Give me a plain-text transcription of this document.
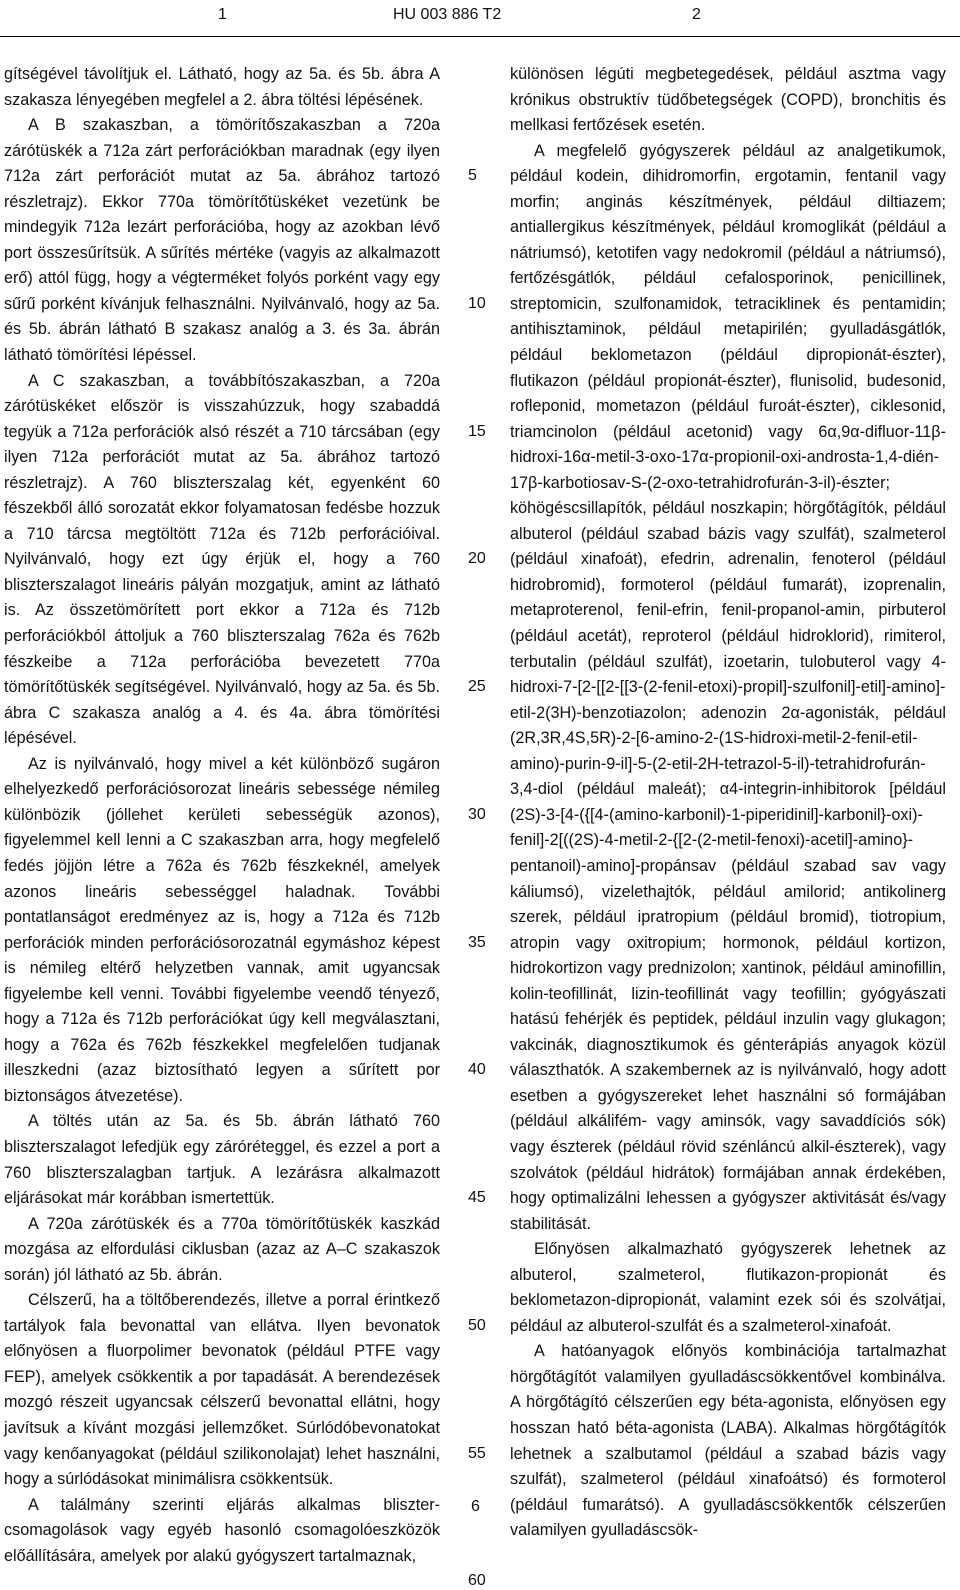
1	HU 003 886 T2	2

gítségével távolítjuk el. Látható, hogy az 5a. és 5b. ábra A szakasza lényegében megfelel a 2. ábra töltési lépésének.

A B szakaszban, a tömörítőszakaszban a 720a zárótüskék a 712a zárt perforációkban maradnak (egy ilyen 712a zárt perforációt mutat az 5a. ábrához tartozó részletrajz). Ekkor 770a tömörítőtüskéket vezetünk be mindegyik 712a lezárt perforációba, hogy az azokban lévő port összesűrítsük. A sűrítés mértéke (vagyis az alkalmazott erő) attól függ, hogy a végterméket folyós porként vagy egy sűrű porként kívánjuk felhasználni. Nyilvánvaló, hogy az 5a. és 5b. ábrán látható B szakasz analóg a 3. és 3a. ábrán látható tömörítési lépéssel.

A C szakaszban, a továbbítószakaszban, a 720a zárótüskéket először is visszahúzzuk, hogy szabaddá tegyük a 712a perforációk alsó részét a 710 tárcsában (egy ilyen 712a perforációt mutat az 5a. ábrához tartozó részletrajz). A 760 bliszterszalag két, egyenként 60 fészekből álló sorozatát ekkor folyamatosan fedésbe hozzuk a 710 tárcsa megtöltött 712a és 712b perforációival. Nyilvánvaló, hogy ezt úgy érjük el, hogy a 760 bliszterszalagot lineáris pályán mozgatjuk, amint az látható is. Az összetömörített port ekkor a 712a és 712b perforációkból áttoljuk a 760 bliszterszalag 762a és 762b fészkeibe a 712a perforációba bevezetett 770a tömörítőtüskék segítségével. Nyilvánvaló, hogy az 5a. és 5b. ábra C szakasza analóg a 4. és 4a. ábra tömörítési lépésével.

Az is nyilvánvaló, hogy mivel a két különböző sugáron elhelyezkedő perforációsorozat lineáris sebessége némileg különbözik (jóllehet kerületi sebességük azonos), figyelemmel kell lenni a C szakaszban arra, hogy megfelelő fedés jöjjön létre a 762a és 762b fészkeknél, amelyek azonos lineáris sebességgel haladnak. További pontatlanságot eredményez az is, hogy a 712a és 712b perforációk minden perforációsorozatnál egymáshoz képest is némileg eltérő helyzetben vannak, amit ugyancsak figyelembe kell venni. További figyelembe veendő tényező, hogy a 712a és 712b perforációkat úgy kell megválasztani, hogy a 762a és 762b fészkekkel megfelelően tudjanak illeszkedni (azaz biztosítható legyen a sűrített por biztonságos átvezetése).

A töltés után az 5a. és 5b. ábrán látható 760 bliszterszalagot lefedjük egy záróréteggel, és ezzel a port a 760 bliszterszalagban tartjuk. A lezárásra alkalmazott eljárásokat már korábban ismertettük.

A 720a zárótüskék és a 770a tömörítőtüskék kaszkád mozgása az elfordulási ciklusban (azaz az A–C szakaszok során) jól látható az 5b. ábrán.

Célszerű, ha a töltőberendezés, illetve a porral érintkező tartályok fala bevonattal van ellátva. Ilyen bevonatok előnyösen a fluorpolimer bevonatok (például PTFE vagy FEP), amelyek csökkentik a por tapadását. A berendezések mozgó részeit ugyancsak célszerű bevonattal ellátni, hogy javítsuk a kívánt mozgási jellemzőket. Súrlódóbevonatokat vagy kenőanyagokat (például szilikonolajat) lehet használni, hogy a súrlódásokat minimálisra csökkentsük.

A találmány szerinti eljárás alkalmas blisztercsomagolások vagy egyéb hasonló csomagolóeszközök előállítására, amelyek por alakú gyógyszert tartalmaznak,

5
10
15
20
25
30
35
40
45
50
55
60

különösen légúti megbetegedések, például asztma vagy krónikus obstruktív tüdőbetegségek (COPD), bronchitis és mellkasi fertőzések esetén.

A megfelelő gyógyszerek például az analgetikumok, például kodein, dihidromorfin, ergotamin, fentanil vagy morfin; anginás készítmények, például diltiazem; antiallergikus készítmények, például kromoglikát (például a nátriumsó), ketotifen vagy nedokromil (például a nátriumsó), fertőzésgátlók, például cefalosporinok, penicillinek, streptomicin, szulfonamidok, tetraciklinek és pentamidin; antihisztaminok, például metapirilén; gyulladásgátlók, például beklometazon (például dipropionát-észter), flutikazon (például propionát-észter), flunisolid, budesonid, rofleponid, mometazon (például furoát-észter), ciklesonid, triamcinolon (például acetonid) vagy 6α,9α-difluor-11β-hidroxi-16α-metil-3-oxo-17α-propionil-oxi-androsta-1,4-dién-17β-karbotiosav-S-(2-oxo-tetrahidrofurán-3-il)-észter; köhögéscsillapítók, például noszkapin; hörgőtágítók, például albuterol (például szabad bázis vagy szulfát), szalmeterol (például xinafoát), efedrin, adrenalin, fenoterol (például hidrobromid), formoterol (például fumarát), izoprenalin, metaproterenol, fenil-efrin, fenil-propanol-amin, pirbuterol (például acetát), reproterol (például hidroklorid), rimiterol, terbutalin (például szulfát), izoetarin, tulobuterol vagy 4-hidroxi-7-[2-[[2-[[3-(2-fenil-etoxi)-propil]-szulfonil]-etil]-amino]-etil-2(3H)-benzotiazolon; adenozin 2α-agonisták, például (2R,3R,4S,5R)-2-[6-amino-2-(1S-hidroxi-metil-2-fenil-etil-amino)-purin-9-il]-5-(2-etil-2H-tetrazol-5-il)-tetrahidrofurán-3,4-diol (például maleát); α4-integrin-inhibitorok [például (2S)-3-[4-({[4-(amino-karbonil)-1-piperidinil]-karbonil}-oxi)-fenil]-2[((2S)-4-metil-2-{[2-(2-metil-fenoxi)-acetil]-amino}-pentanoil)-amino]-propánsav (például szabad sav vagy káliumsó), vizelethajtók, például amilorid; antikolinerg szerek, például ipratropium (például bromid), tiotropium, atropin vagy oxitropium; hormonok, például kortizon, hidrokortizon vagy prednizolon; xantinok, például aminofillin, kolin-teofillinát, lizin-teofillinát vagy teofillin; gyógyászati hatású fehérjék és peptidek, például inzulin vagy glukagon; vakcinák, diagnosztikumok és génterápiás anyagok közül választhatók. A szakembernek az is nyilvánvaló, hogy adott esetben a gyógyszereket lehet használni só formájában (például alkálifém- vagy aminsók, vagy savaddíciós sók) vagy észterek (például rövid szénláncú alkil-észterek), vagy szolvátok (például hidrátok) formájában annak érdekében, hogy optimalizálni lehessen a gyógyszer aktivitását és/vagy stabilitását.

Előnyösen alkalmazható gyógyszerek lehetnek az albuterol, szalmeterol, flutikazon-propionát és beklometazon-dipropionát, valamint ezek sói és szolvátjai, például az albuterol-szulfát és a szalmeterol-xinafoát.

A hatóanyagok előnyös kombinációja tartalmazhat hörgőtágítót valamilyen gyulladáscsökkentővel kombinálva. A hörgőtágító célszerűen egy béta-agonista, előnyösen egy hosszan ható béta-agonista (LABA). Alkalmas hörgőtágítók lehetnek a szalbutamol (például a szabad bázis vagy szulfát), szalmeterol (például xinafoátsó) és formoterol (például fumarátsó). A gyulladáscsökkentők célszerűen valamilyen gyulladáscsök-

6
